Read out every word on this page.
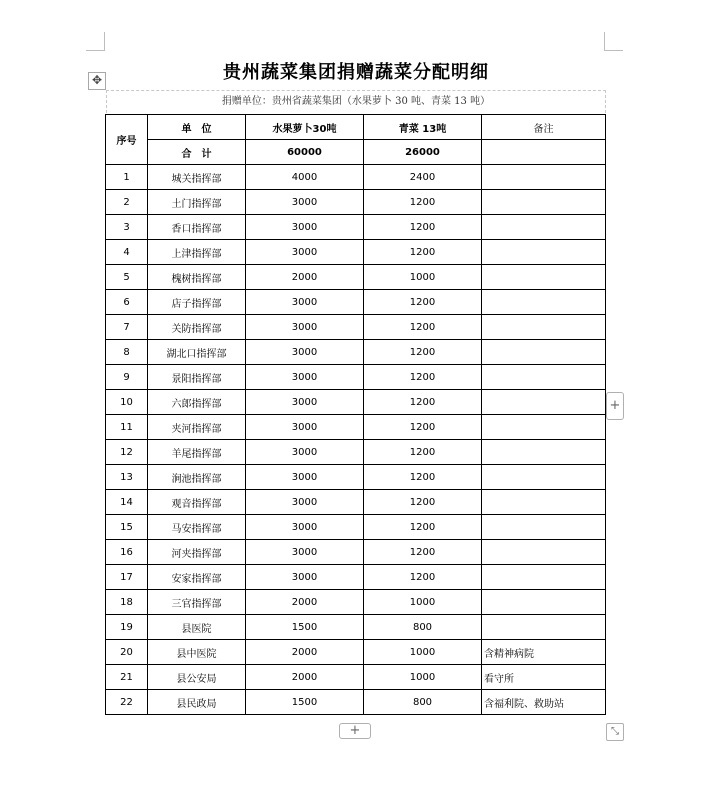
✥	贵州蔬菜集团捐赠蔬菜分配明细
捐赠单位：贵州省蔬菜集团（水果萝卜 30 吨、青菜 13 吨）
序号	单　位	水果萝卜30吨	青菜 13吨	备注
	合　计	60000	26000	
1	城关指挥部	4000	2400	
2	土门指挥部	3000	1200	
3	香口指挥部	3000	1200	
4	上津指挥部	3000	1200	
5	槐树指挥部	2000	1000	
6	店子指挥部	3000	1200	
7	关防指挥部	3000	1200	
8	湖北口指挥部	3000	1200	
9	景阳指挥部	3000	1200	
10	六郎指挥部	3000	1200	
11	夹河指挥部	3000	1200	
12	羊尾指挥部	3000	1200	
13	涧池指挥部	3000	1200	
14	观音指挥部	3000	1200	
15	马安指挥部	3000	1200	
16	河夹指挥部	3000	1200	
17	安家指挥部	3000	1200	
18	三官指挥部	2000	1000	
19	县医院	1500	800	
20	县中医院	2000	1000	含精神病院
21	县公安局	2000	1000	看守所
22	县民政局	1500	800	含福利院、救助站
+
+	⤡
